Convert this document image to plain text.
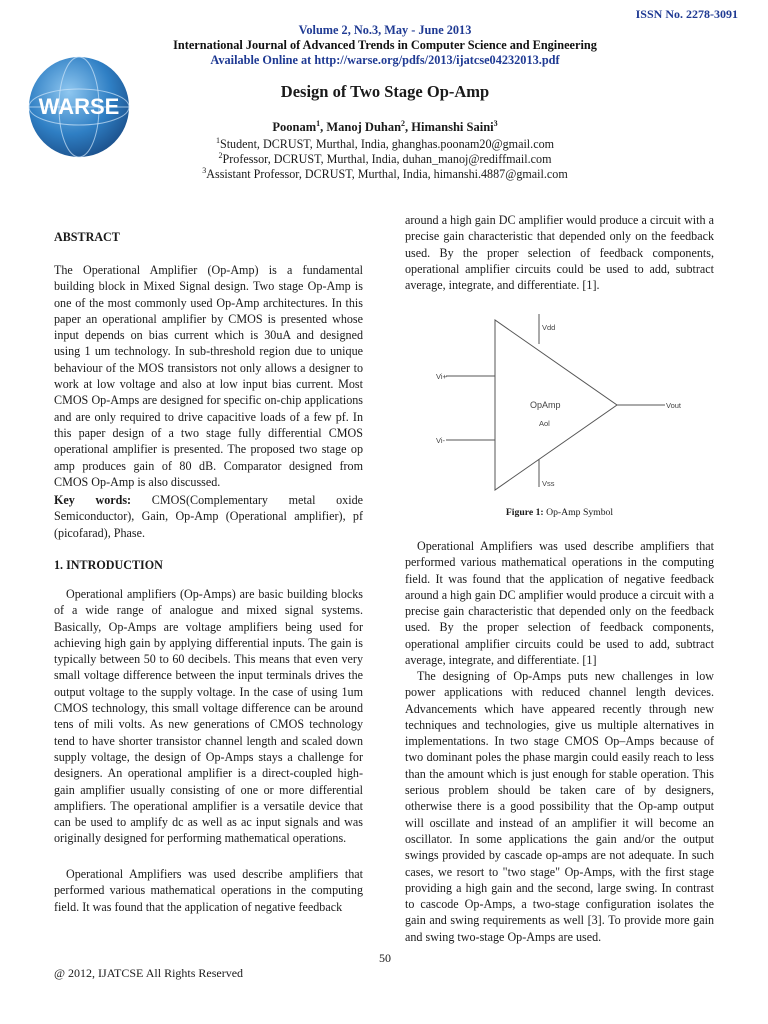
ISSN No. 2278-3091
WARSE
Volume 2, No.3, May - June 2013
International Journal of Advanced Trends in Computer Science and Engineering
Available Online at http://warse.org/pdfs/2013/ijatcse04232013.pdf
Design of Two Stage Op-Amp
Poonam$^1$, Manoj Duhan$^2$, Himanshi Saini$^3$
$^1$Student, DCRUST, Murthal, India, ghanghas.poonam20@gmail.com
$^2$Professor, DCRUST, Murthal, India, duhan_manoj@rediffmail.com
$^3$Assistant Professor, DCRUST, Murthal, India, himanshi.4887@gmail.com
ABSTRACT
The Operational Amplifier (Op-Amp) is a fundamental building block in Mixed Signal design. Two stage Op-Amp is one of the most commonly used Op-Amp architectures. In this paper an operational amplifier by CMOS is presented whose input depends on bias current which is 30uA and designed using 1 um technology. In sub-threshold region due to unique behaviour of the MOS transistors not only allows a designer to work at low voltage and also at low input bias current. Most CMOS Op-Amps are designed for specific on-chip applications and are only required to drive capacitive loads of a few pf. In this paper design of a two stage fully differential CMOS operational amplifier is presented. The proposed two stage op amp produces gain of 80 dB. Comparator designed from CMOS Op-Amp is also discussed.
Key words: CMOS(Complementary metal oxide Semiconductor), Gain, Op-Amp (Operational amplifier), pf (picofarad), Phase.
1. INTRODUCTION
Operational amplifiers (Op-Amps) are basic building blocks of a wide range of analogue and mixed signal systems. Basically, Op-Amps are voltage amplifiers being used for achieving high gain by applying differential inputs. The gain is typically between 50 to 60 decibels. This means that even very small voltage difference between the input terminals drives the output voltage to the supply voltage. In the case of using 1um CMOS technology, this small voltage difference can be around tens of mili volts. As new generations of CMOS technology tend to have shorter transistor channel length and scaled down supply voltage, the design of Op-Amps stays a challenge for designers. An operational amplifier is a direct-coupled high-gain amplifier usually consisting of one or more differential amplifiers. The operational amplifier is a versatile device that can be used to amplify dc as well as ac input signals and was originally designed for performing mathematical operations.
Operational Amplifiers was used describe amplifiers that performed various mathematical operations in the computing field. It was found that the application of negative feedback
around a high gain DC amplifier would produce a circuit with a precise gain characteristic that depended only on the feedback used. By the proper selection of feedback components, operational amplifier circuits could be used to add, subtract average, integrate, and differentiate. [1].
Vdd
Vss
Vi+
Vi-
Vout
OpAmp
Aol
Figure 1: Op-Amp Symbol
Operational Amplifiers was used describe amplifiers that performed various mathematical operations in the computing field. It was found that the application of negative feedback around a high gain DC amplifier would produce a circuit with a precise gain characteristic that depended only on the feedback used. By the proper selection of feedback components, operational amplifier circuits could be used to add, subtract average, integrate, and differentiate. [1]
The designing of Op-Amps puts new challenges in low power applications with reduced channel length devices. Advancements which have appeared recently through new techniques and technologies, give us multiple alternatives in implementations. In two stage CMOS Op–Amps because of two dominant poles the phase margin could easily reach to less than the amount which is just enough for stable operation. This serious problem should be taken care of by designers, otherwise there is a good possibility that the Op-amp output will oscillate and instead of an amplifier it will become an oscillator. In some applications the gain and/or the output swings provided by cascade op-amps are not adequate. In such cases, we resort to "two stage" Op-Amps, with the first stage providing a high gain and the second, large swing. In contrast to cascode Op-Amps, a two-stage configuration isolates the gain and swing requirements as well [3]. To provide more gain and swing two-stage Op-Amps are used.
50
@ 2012, IJATCSE All Rights Reserved
